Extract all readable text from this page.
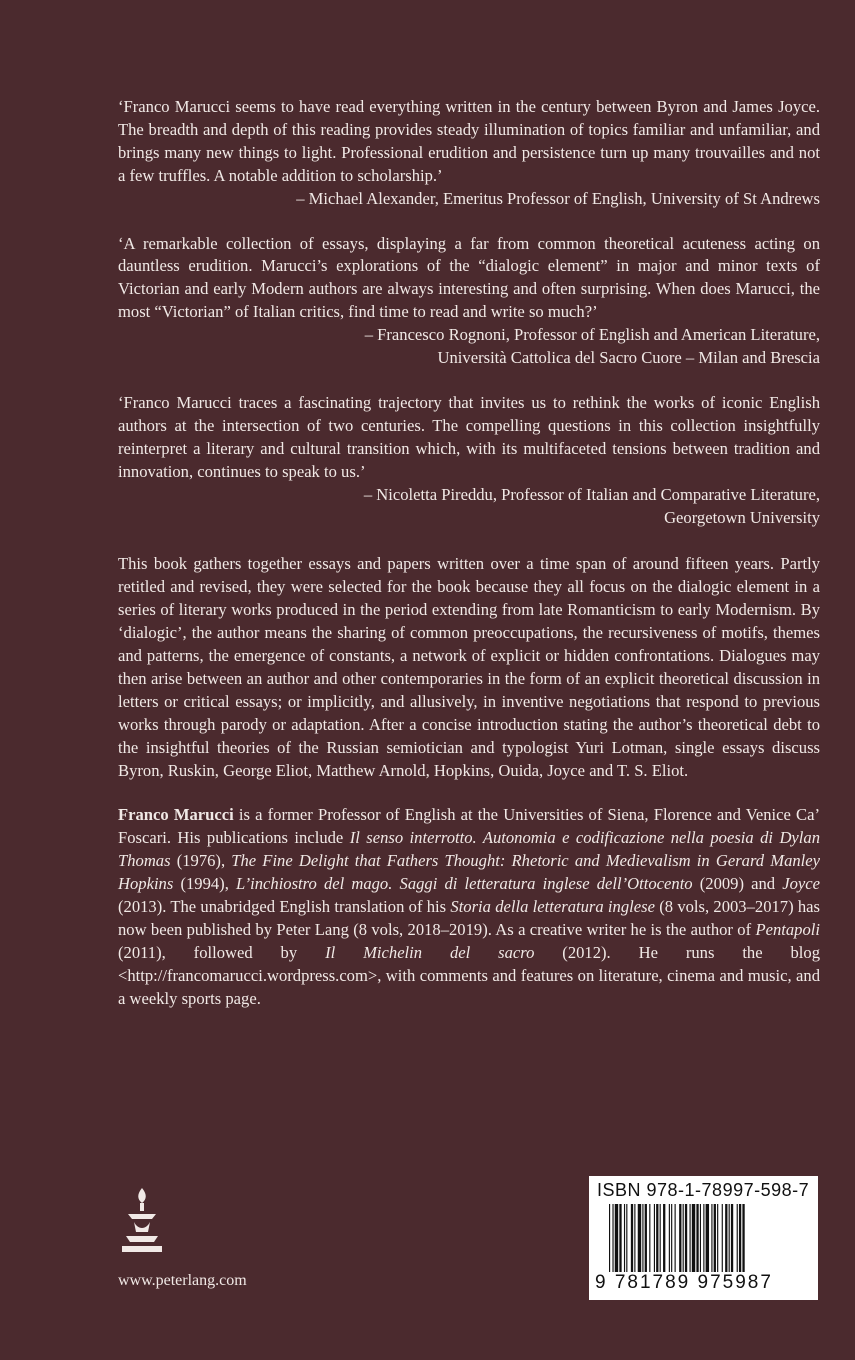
‘Franco Marucci seems to have read everything written in the century between Byron and James Joyce. The breadth and depth of this reading provides steady illumination of topics familiar and unfamiliar, and brings many new things to light. Professional erudition and persistence turn up many trouvailles and not a few truffles. A notable addition to scholarship.’

– Michael Alexander, Emeritus Professor of English, University of St Andrews

‘A remarkable collection of essays, displaying a far from common theoretical acuteness acting on dauntless erudition. Marucci’s explorations of the “dialogic element” in major and minor texts of Victorian and early Modern authors are always interesting and often surprising. When does Marucci, the most “Victorian” of Italian critics, find time to read and write so much?’

– Francesco Rognoni, Professor of English and American Literature,
Università Cattolica del Sacro Cuore – Milan and Brescia

‘Franco Marucci traces a fascinating trajectory that invites us to rethink the works of iconic English authors at the intersection of two centuries. The compelling questions in this collection insightfully reinterpret a literary and cultural transition which, with its multifaceted tensions between tradition and innovation, continues to speak to us.’

– Nicoletta Pireddu, Professor of Italian and Comparative Literature,
Georgetown University

This book gathers together essays and papers written over a time span of around fifteen years. Partly retitled and revised, they were selected for the book because they all focus on the dialogic element in a series of literary works produced in the period extending from late Romanticism to early Modernism. By ‘dialogic’, the author means the sharing of common preoccupations, the recursiveness of motifs, themes and patterns, the emergence of constants, a network of explicit or hidden confrontations. Dialogues may then arise between an author and other contemporaries in the form of an explicit theoretical discussion in letters or critical essays; or implicitly, and allusively, in inventive negotiations that respond to previous works through parody or adaptation. After a concise introduction stating the author’s theoretical debt to the insightful theories of the Russian semiotician and typologist Yuri Lotman, single essays discuss Byron, Ruskin, George Eliot, Matthew Arnold, Hopkins, Ouida, Joyce and T. S. Eliot.

Franco Marucci is a former Professor of English at the Universities of Siena, Florence and Venice Ca’ Foscari. His publications include Il senso interrotto. Autonomia e codificazione nella poesia di Dylan Thomas (1976), The Fine Delight that Fathers Thought: Rhetoric and Medievalism in Gerard Manley Hopkins (1994), L’inchiostro del mago. Saggi di letteratura inglese dell’Ottocento (2009) and Joyce (2013). The unabridged English translation of his Storia della letteratura inglese (8 vols, 2003–2017) has now been published by Peter Lang (8 vols, 2018–2019). As a creative writer he is the author of Pentapoli (2011), followed by Il Michelin del sacro (2012). He runs the blog <http://francomarucci.wordpress.com>, with comments and features on literature, cinema and music, and a weekly sports page.

www.peterlang.com
ISBN 978-1-78997-598-7
9 781789 975987
